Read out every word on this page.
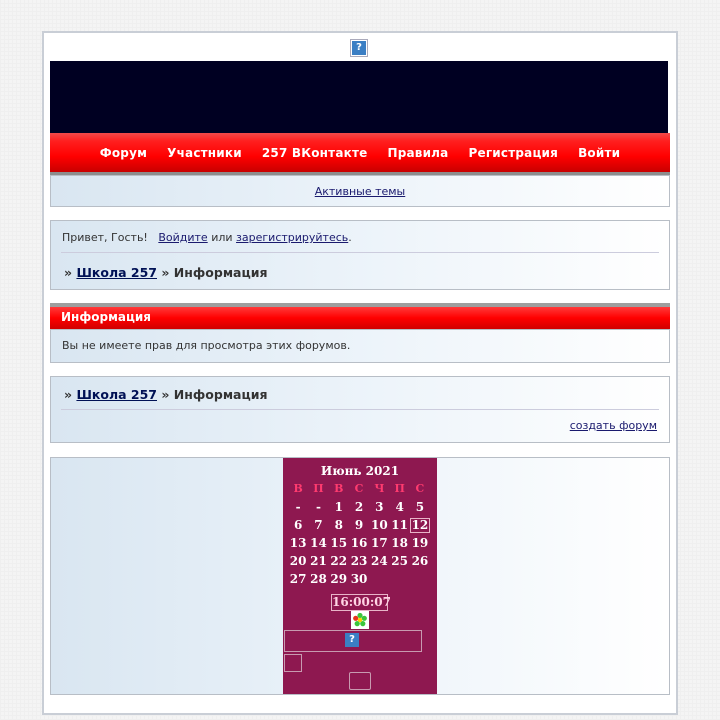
?
Форум Участники 257 ВКонтакте Правила Регистрация Войти
Активные темы
Привет, Гость! Войдите или зарегистрируйтесь.
» Школа 257 » Информация
Информация
Вы не имеете прав для просмотра этих форумов.
» Школа 257 » Информация
создать форум
Июнь 2021
В П В	С Ч П С
-	-	1 2 3 4 5
6 7 8 9 10 11 12
13 14 15 16 17 18 19
20 21 22 23 24 25 26
27 28 29 30
16:00:07
?
